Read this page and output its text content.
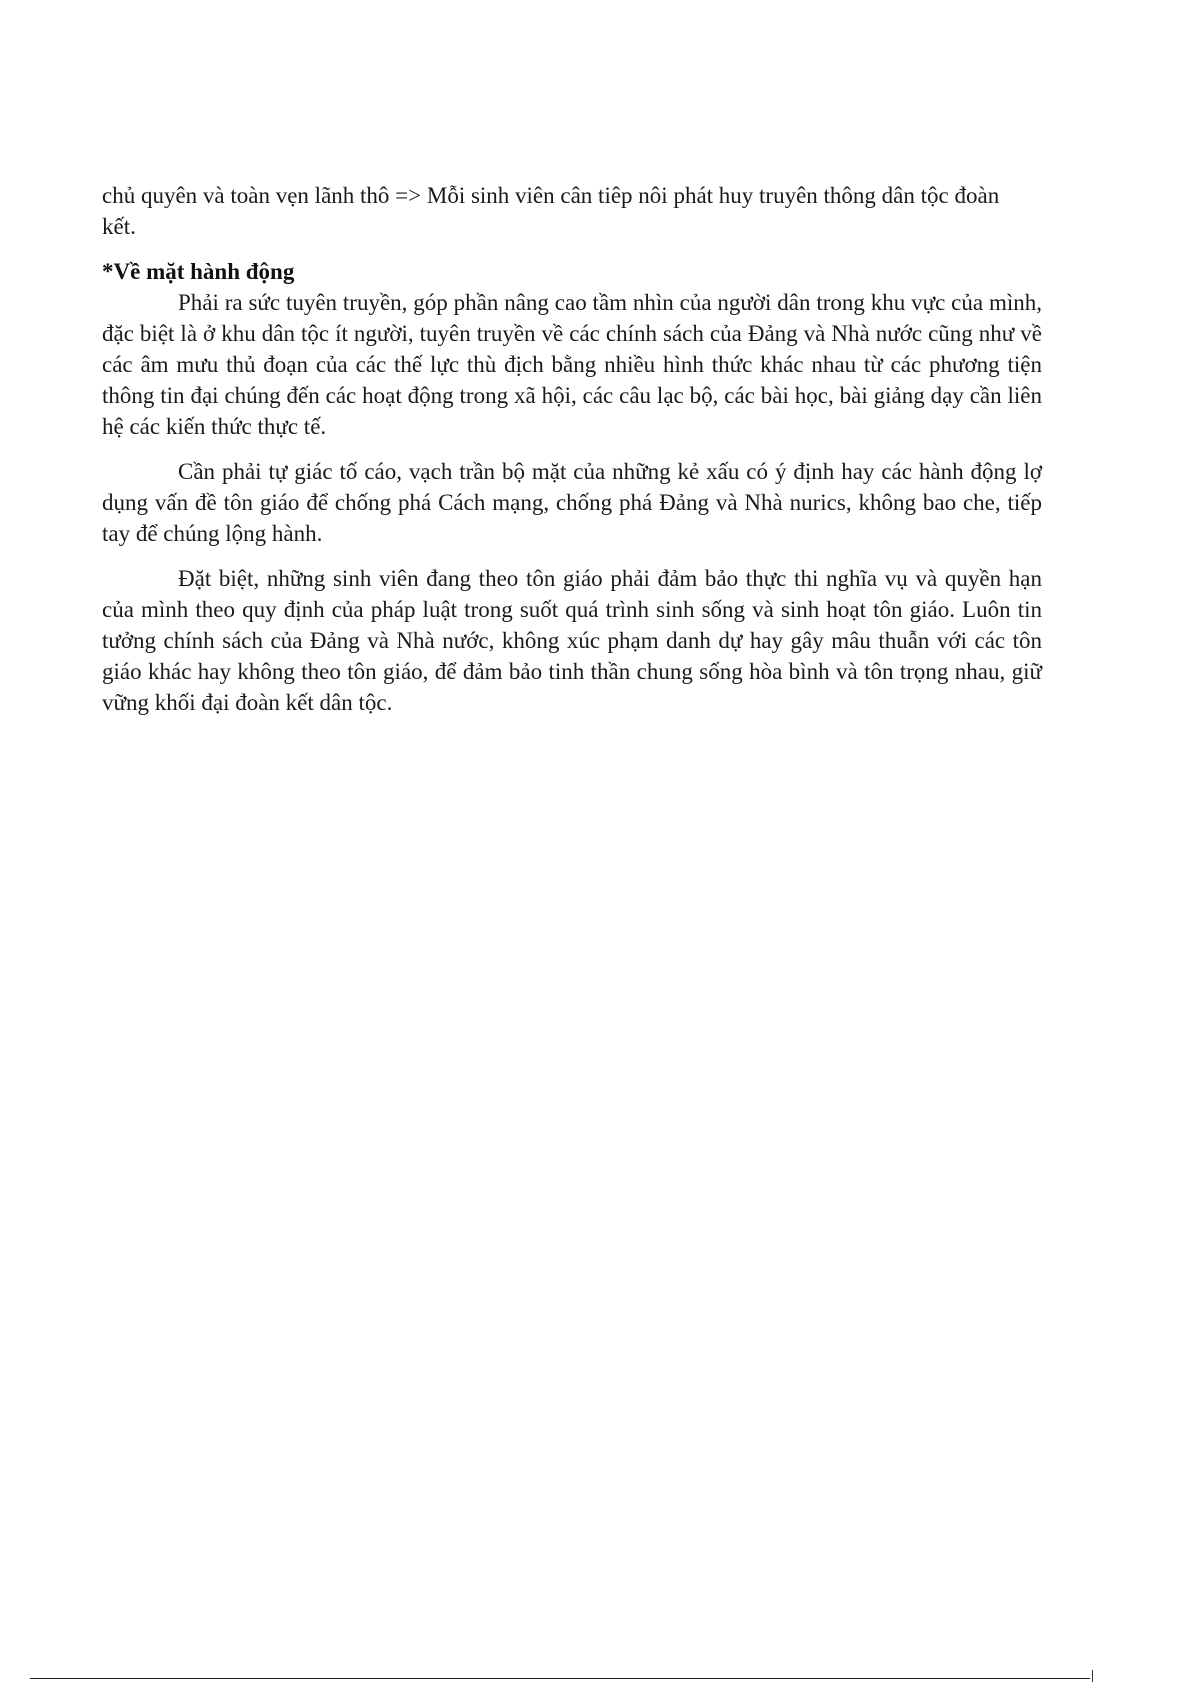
chủ quyên và toàn vẹn lãnh thô => Mỗi sinh viên cân tiêp nôi phát huy truyên thông dân tộc đoàn kết.

*Về mặt hành động

Phải ra sức tuyên truyền, góp phần nâng cao tầm nhìn của người dân trong khu vực của mình, đặc biệt là ở khu dân tộc ít người, tuyên truyền về các chính sách của Đảng và Nhà nước cũng như về các âm mưu thủ đoạn của các thế lực thù địch bằng nhiều hình thức khác nhau từ các phương tiện thông tin đại chúng đến các hoạt động trong xã hội, các câu lạc bộ, các bài học, bài giảng dạy cần liên hệ các kiến thức thực tế.

Cần phải tự giác tố cáo, vạch trần bộ mặt của những kẻ xấu có ý định hay các hành động lợ dụng vấn đề tôn giáo để chống phá Cách mạng, chống phá Đảng và Nhà nurics, không bao che, tiếp tay để chúng lộng hành.

Đặt biệt, những sinh viên đang theo tôn giáo phải đảm bảo thực thi nghĩa vụ và quyền hạn của mình theo quy định của pháp luật trong suốt quá trình sinh sống và sinh hoạt tôn giáo. Luôn tin tưởng chính sách của Đảng và Nhà nước, không xúc phạm danh dự hay gây mâu thuẫn với các tôn giáo khác hay không theo tôn giáo, để đảm bảo tinh thần chung sống hòa bình và tôn trọng nhau, giữ vững khối đại đoàn kết dân tộc.
